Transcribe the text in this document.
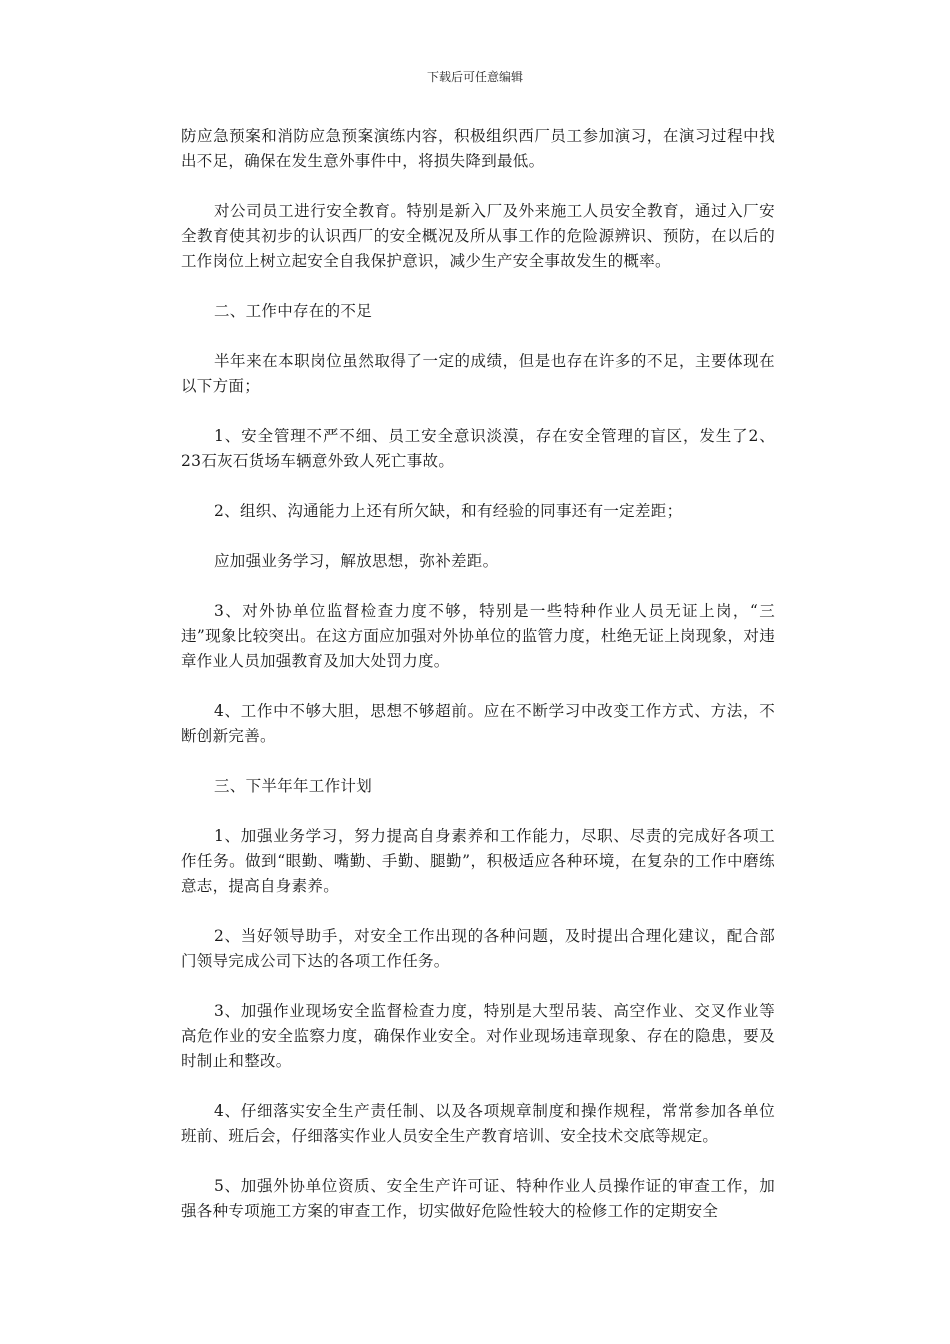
下载后可任意编辑

防应急预案和消防应急预案演练内容，积极组织西厂员工参加演习，在演习过程中找出不足，确保在发生意外事件中，将损失降到最低。

对公司员工进行安全教育。特别是新入厂及外来施工人员安全教育，通过入厂安全教育使其初步的认识西厂的安全概况及所从事工作的危险源辨识、预防，在以后的工作岗位上树立起安全自我保护意识，减少生产安全事故发生的概率。

二、工作中存在的不足

半年来在本职岗位虽然取得了一定的成绩，但是也存在许多的不足，主要体现在以下方面；

1、安全管理不严不细、员工安全意识淡漠，存在安全管理的盲区，发生了2、23石灰石货场车辆意外致人死亡事故。

2、组织、沟通能力上还有所欠缺，和有经验的同事还有一定差距；

应加强业务学习，解放思想，弥补差距。

3、对外协单位监督检查力度不够，特别是一些特种作业人员无证上岗，“三违”现象比较突出。在这方面应加强对外协单位的监管力度，杜绝无证上岗现象，对违章作业人员加强教育及加大处罚力度。

4、工作中不够大胆，思想不够超前。应在不断学习中改变工作方式、方法，不断创新完善。

三、下半年年工作计划

1、加强业务学习，努力提高自身素养和工作能力，尽职、尽责的完成好各项工作任务。做到“眼勤、嘴勤、手勤、腿勤”，积极适应各种环境，在复杂的工作中磨练意志，提高自身素养。

2、当好领导助手，对安全工作出现的各种问题，及时提出合理化建议，配合部门领导完成公司下达的各项工作任务。

3、加强作业现场安全监督检查力度，特别是大型吊装、高空作业、交叉作业等高危作业的安全监察力度，确保作业安全。对作业现场违章现象、存在的隐患，要及时制止和整改。

4、仔细落实安全生产责任制、以及各项规章制度和操作规程，常常参加各单位班前、班后会，仔细落实作业人员安全生产教育培训、安全技术交底等规定。

5、加强外协单位资质、安全生产许可证、特种作业人员操作证的审查工作，加强各种专项施工方案的审查工作，切实做好危险性较大的检修工作的定期安全
